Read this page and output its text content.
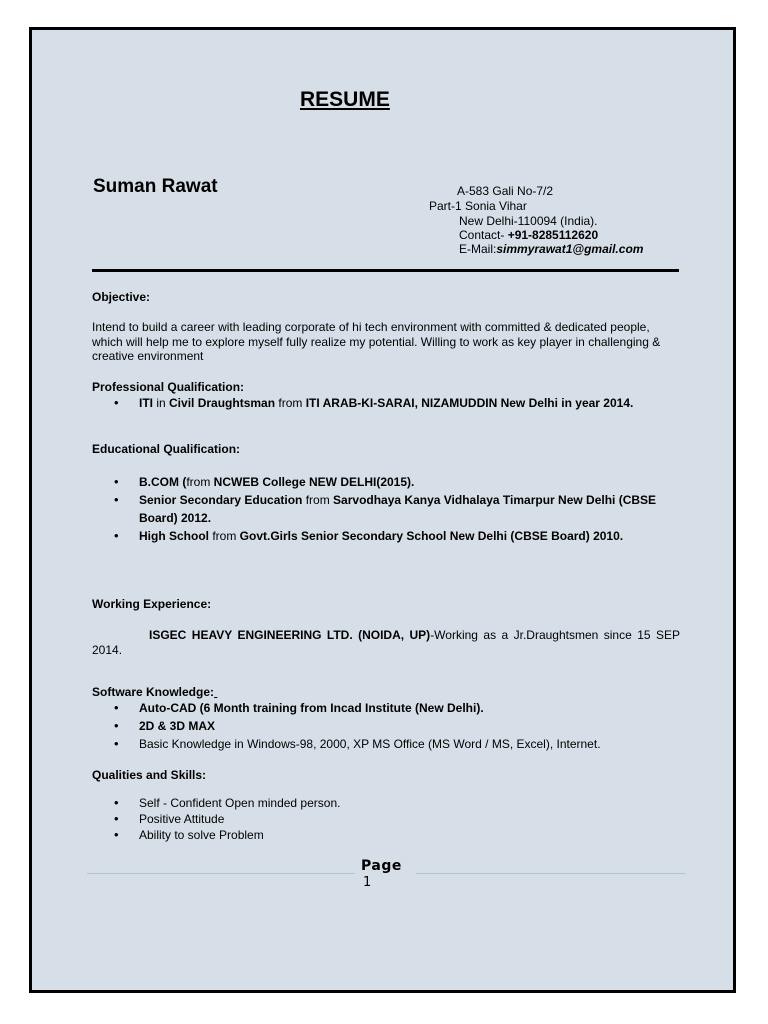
RESUME
Suman Rawat	A-583 Gali No-7/2
Part-1 Sonia Vihar
New Delhi-110094 (India).
Contact- +91-8285112620
E-Mail:simmyrawat1@gmail.com
Objective:
Intend to build a career with leading corporate of hi tech environment with committed & dedicated people, which will help me to explore myself fully realize my potential. Willing to work as key player in challenging & creative environment
Professional Qualification:
• ITI in Civil Draughtsman from ITI ARAB-KI-SARAI, NIZAMUDDIN New Delhi in year 2014.
Educational Qualification:
• B.COM (from NCWEB College NEW DELHI(2015).
• Senior Secondary Education from Sarvodhaya Kanya Vidhalaya Timarpur New Delhi (CBSE Board) 2012.
• High School from Govt.Girls Senior Secondary School New Delhi (CBSE Board) 2010.
Working Experience:
ISGEC HEAVY ENGINEERING LTD. (NOIDA, UP)-Working as a Jr.Draughtsmen since 15 SEP 2014.
Software Knowledge:
• Auto-CAD (6 Month training from Incad Institute (New Delhi).
• 2D & 3D MAX
• Basic Knowledge in Windows-98, 2000, XP MS Office (MS Word / MS, Excel), Internet.
Qualities and Skills:
• Self - Confident Open minded person.
• Positive Attitude
• Ability to solve Problem
Page
1
